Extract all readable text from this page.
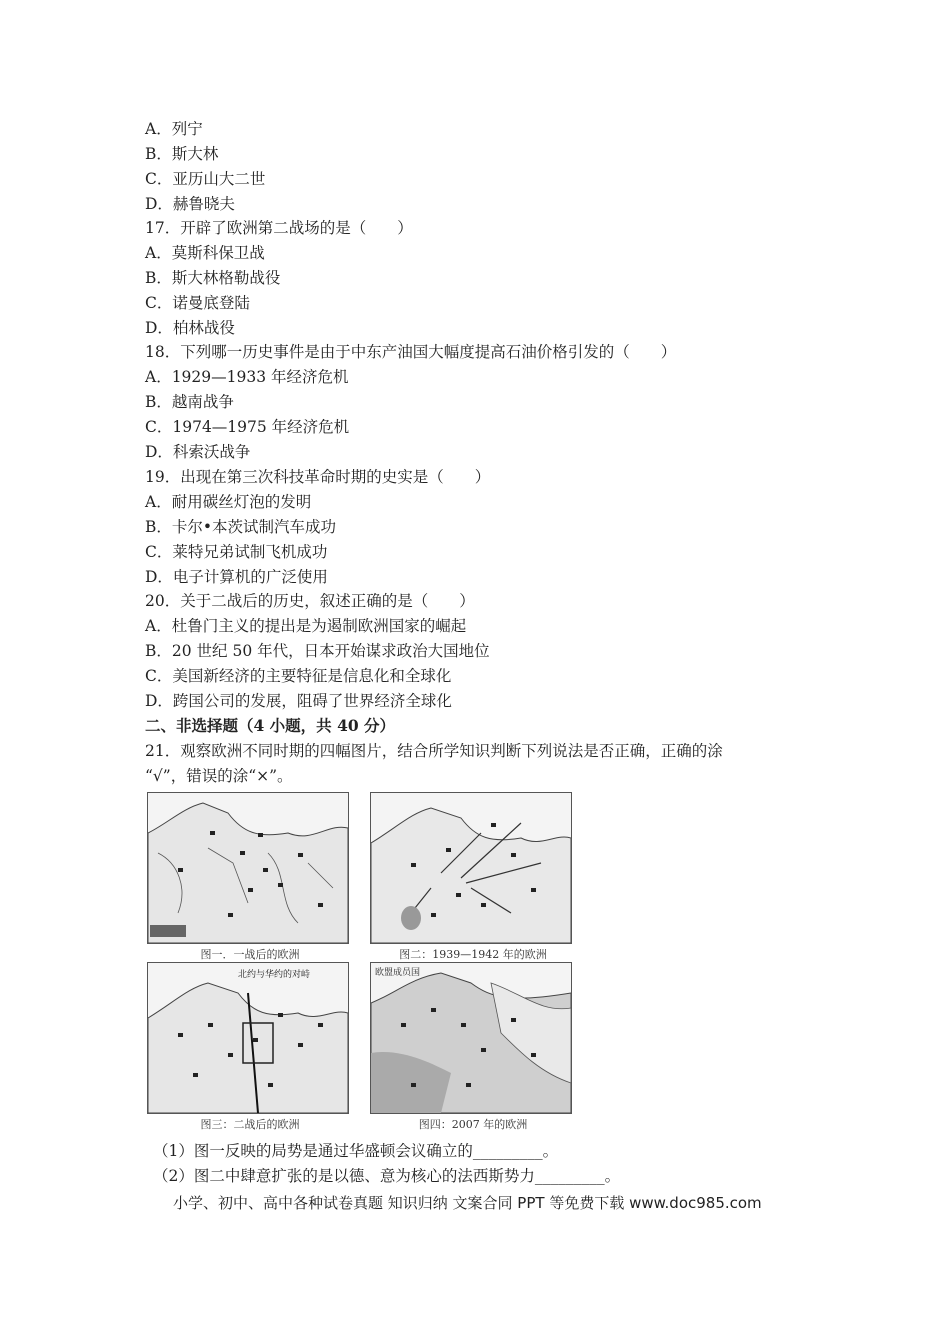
A．列宁
B．斯大林
C．亚历山大二世
D．赫鲁晓夫
17．开辟了欧洲第二战场的是（　　）
A．莫斯科保卫战
B．斯大林格勒战役
C．诺曼底登陆
D．柏林战役
18．下列哪一历史事件是由于中东产油国大幅度提高石油价格引发的（　　）
A．1929—1933 年经济危机
B．越南战争
C．1974—1975 年经济危机
D．科索沃战争
19．出现在第三次科技革命时期的史实是（　　）
A．耐用碳丝灯泡的发明
B．卡尔•本茨试制汽车成功
C．莱特兄弟试制飞机成功
D．电子计算机的广泛使用
20．关于二战后的历史，叙述正确的是（　　）
A．杜鲁门主义的提出是为遏制欧洲国家的崛起
B．20 世纪 50 年代，日本开始谋求政治大国地位
C．美国新经济的主要特征是信息化和全球化
D．跨国公司的发展，阻碍了世界经济全球化
二、非选择题（4 小题，共 40 分）
21．观察欧洲不同时期的四幅图片，结合所学知识判断下列说法是否正确，正确的涂
“√”，错误的涂“×”。
图一．一战后的欧洲	图二：1939—1942 年的欧洲
北约与华约的对峙
图三：二战后的欧洲
欧盟成员国
图四：2007 年的欧洲
（1）图一反映的局势是通过华盛顿会议确立的_________。
（2）图二中肆意扩张的是以德、意为核心的法西斯势力_________。
小学、初中、高中各种试卷真题 知识归纳 文案合同 PPT 等免费下载 www.doc985.com
